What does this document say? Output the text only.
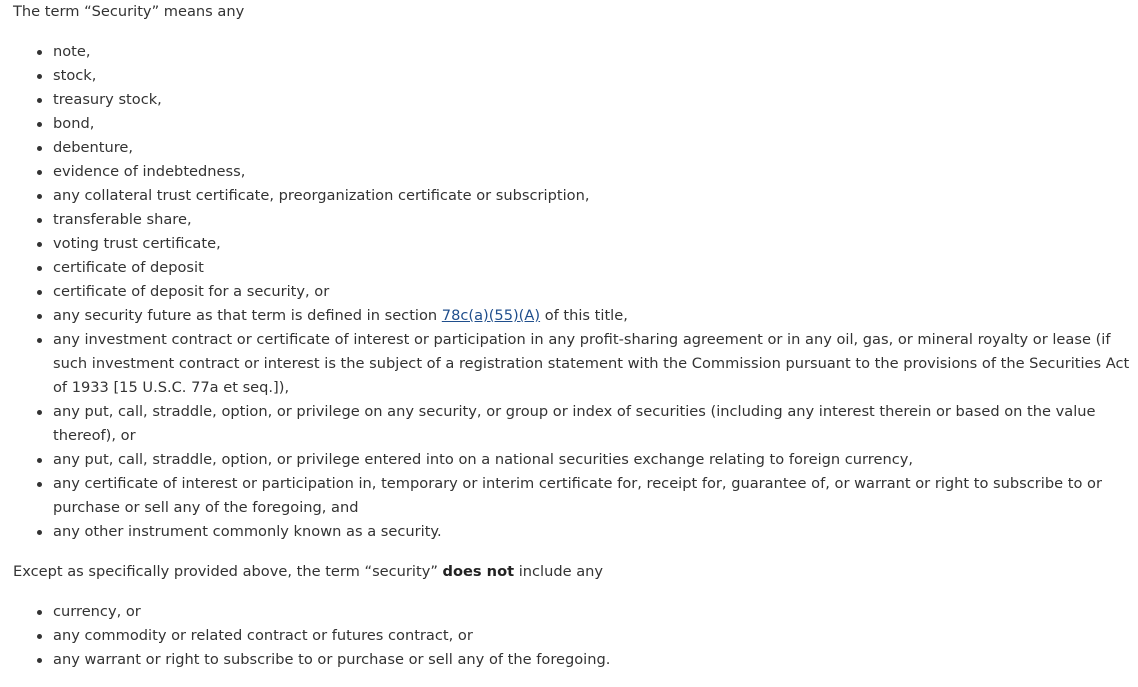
The term “Security” means any

note,
stock,
treasury stock,
bond,
debenture,
evidence of indebtedness,
any collateral trust certificate, preorganization certificate or subscription,
transferable share,
voting trust certificate,
certificate of deposit
certificate of deposit for a security, or
any security future as that term is defined in section 78c(a)(55)(A) of this title,
any investment contract or certificate of interest or participation in any profit-sharing agreement or in any oil, gas, or mineral royalty or lease (if such investment contract or interest is the subject of a registration statement with the Commission pursuant to the provisions of the Securities Act of 1933 [15 U.S.C. 77a et seq.]),
any put, call, straddle, option, or privilege on any security, or group or index of securities (including any interest therein or based on the value thereof), or
any put, call, straddle, option, or privilege entered into on a national securities exchange relating to foreign currency,
any certificate of interest or participation in, temporary or interim certificate for, receipt for, guarantee of, or warrant or right to subscribe to or purchase or sell any of the foregoing, and
any other instrument commonly known as a security.

Except as specifically provided above, the term “security” does not include any

currency, or
any commodity or related contract or futures contract, or
any warrant or right to subscribe to or purchase or sell any of the foregoing.
